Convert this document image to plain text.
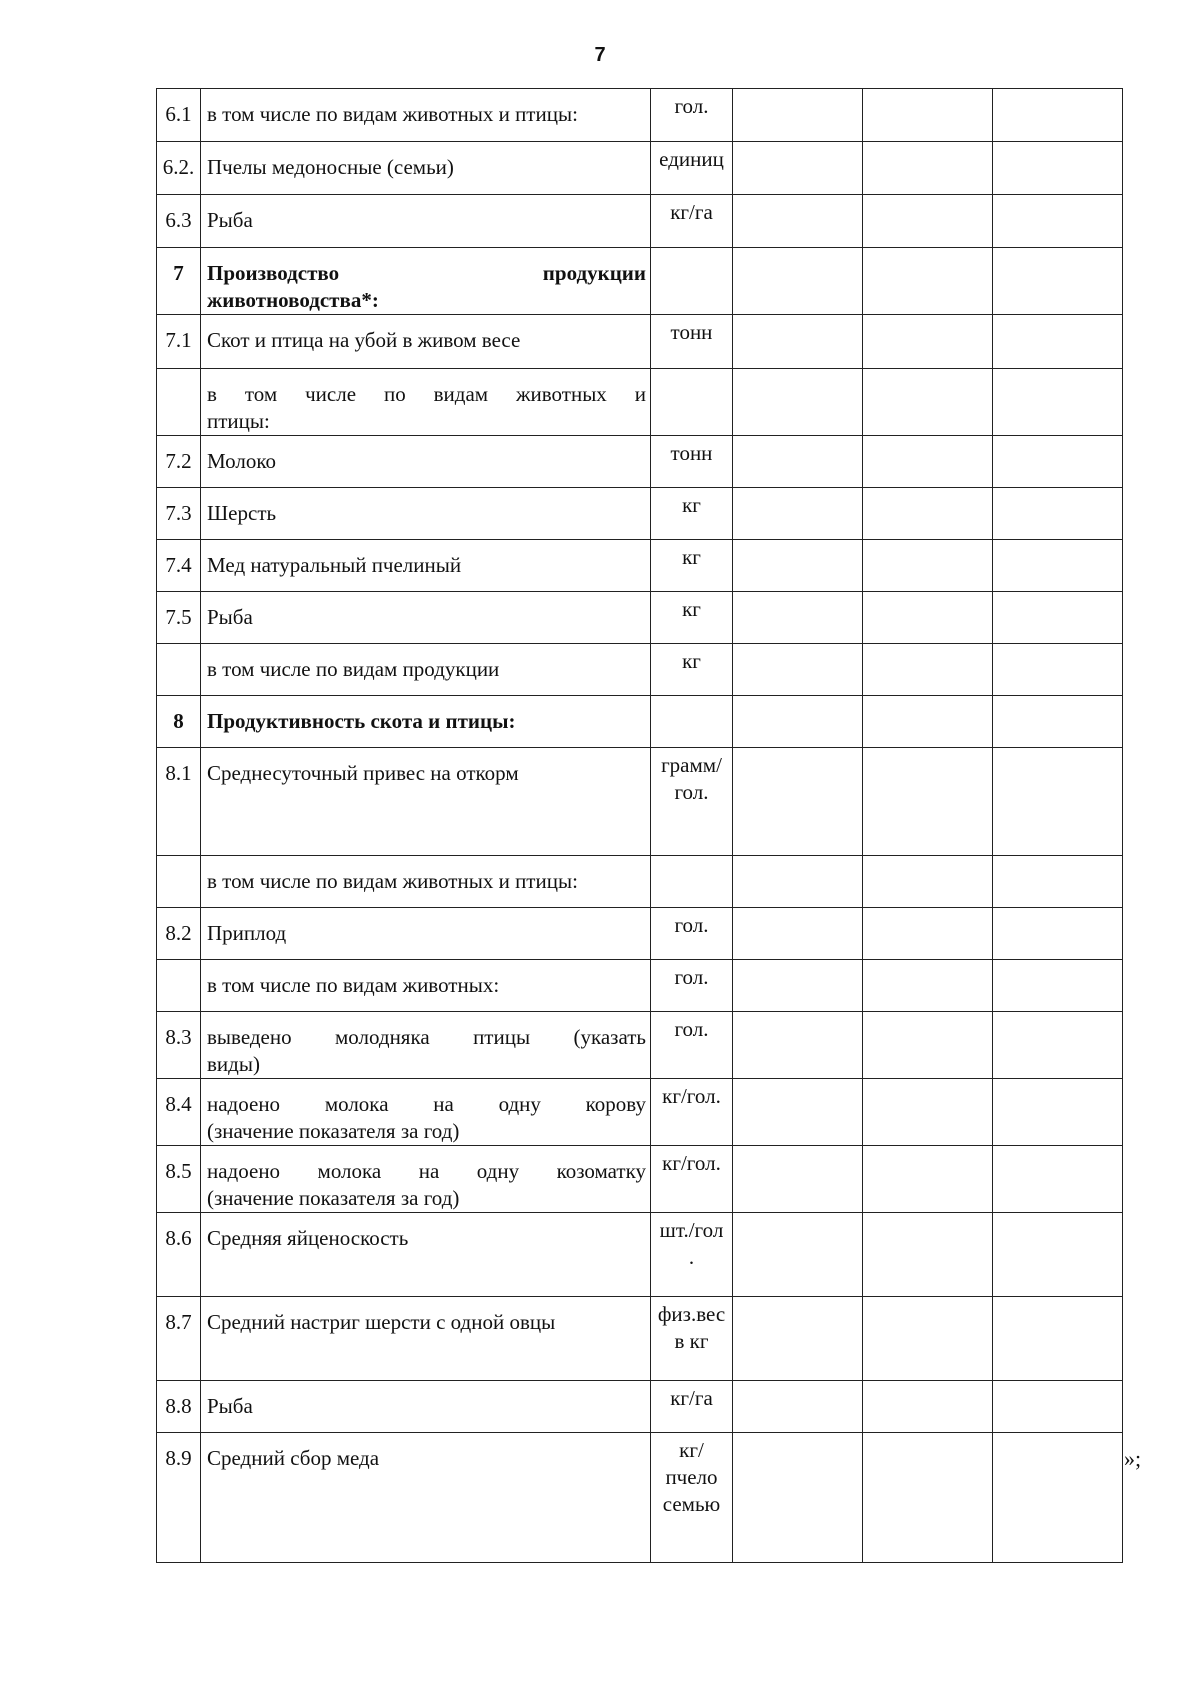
7
6.1	в том числе по видам животных и птицы:	гол.			

6.2.	Пчелы медоносные (семьи)	единиц			

6.3	Рыба	кг/га			

7	Производство продукции
животноводства*:				

7.1	Скот и птица на убой в живом весе	тонн			

	в том числе по видам животных и
птицы:				

7.2	Молоко	тонн			

7.3	Шерсть	кг			

7.4	Мед натуральный пчелиный	кг			

7.5	Рыба	кг			

	в том числе по видам продукции	кг			

8	Продуктивность скота и птицы:				

8.1	Среднесуточный привес на откорм	грамм/
гол.			

	в том числе по видам животных и птицы:				

8.2	Приплод	гол.			

	в том числе по видам животных:	гол.			

8.3	выведено молодняка птицы (указать
виды)	гол.			

8.4	надоено молока на одну корову
(значение показателя за год)	кг/гол.			

8.5	надоено молока на одну козоматку
(значение показателя за год)	кг/гол.			

8.6	Средняя яйценоскость	шт./гол
.			

8.7	Средний настриг шерсти с одной овцы	физ.вес
в кг			

8.8	Рыба	кг/га			

8.9	Средний сбор меда	кг/
пчело
семью			

»;
